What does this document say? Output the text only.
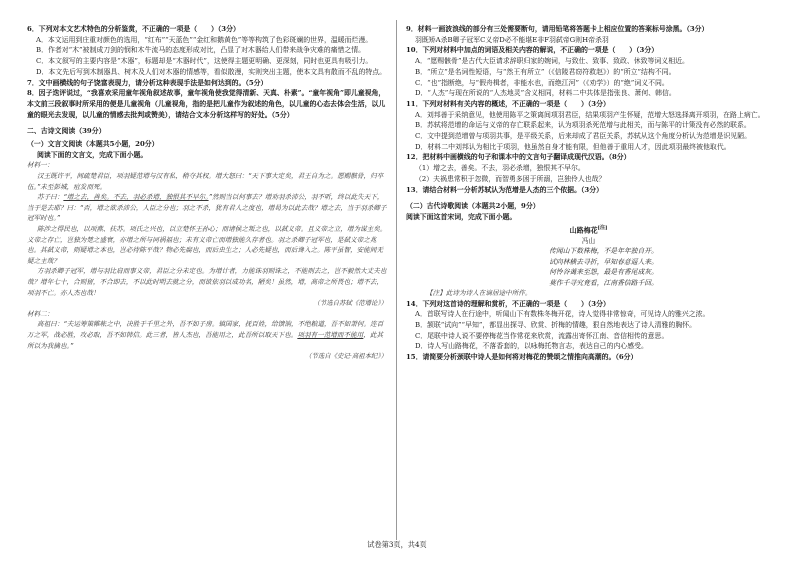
6．下列对本文艺术特色的分析鉴赏，不正确的一项是（　　）（3分）

A．本文运用到庄重对颜色的选用，“红布”“天蓝色”“金红和鹅黄色”等等构筑了色彩斑斓的世界，温暖而烂漫。

B．作者对“木”被制成刀剑的悯和木牛流马的态度形成对比，凸显了对木器给人们带来战争灾难的痛惜之情。

C．本文叙写的主要内容是“木器”，标题却是“木器时代”，这使得主题更明确、更深刻，同时也更具有吸引力。

D．本文先后写到木制器具、树木及人们对木器的情感等，看似散漫，实则突出主题，使本文具有散而不乱的特点。

7．文中画横线的句子饶富表现力，请分析这种表现手法是如何达到的。（5分）

8．因子迭评说过，“我喜欢采用童年视角叙述故事，童年视角使我觉得清新、天真、朴素”。“童年视角”即儿童视角，本文前三段叙事时所采用的便是儿童视角（儿童视角，指的是把儿童作为叙述的角色，以儿童的心态去体会生活，以儿童的眼光去发现，以儿童的情感去批判或赞美），请结合文本分析这样写的好处。（5分）

二、古诗文阅读（39分）

（一）文言文阅读（本题共5小题，20分）

阅读下面的文言文，完成下面小题。

材料一：

汉王既许平，间疏楚君臣，项羽疑范增与汉有私，稍夺其权。增大怒曰：“天下事大定矣，君王自为之。愿赐骸骨，归卒伍。”未至彭城，疽发而死。

苏子曰：“增之去，善矣。不去，羽必杀增，独恨其不早尔。”然则当以何事去？增劝羽杀沛公，羽不听，终以此失天下，当于是去耶？曰：“否，增之欲杀沛公，人臣之分也；羽之不杀，犹有君人之度也，增曷为以此去哉？增之去，当于羽杀卿子冠军时也。”

陈涉之得民也，以项燕、扶苏。项氏之兴也，以立楚怀王孙心；而诸侯之叛之也，以弑义帝。且义帝之立，增为谋主矣。义帝之存亡，岂独为楚之盛衰，亦增之所与同祸福也；未有义帝亡而增独能久存者也。羽之杀卿子冠军也，是弑义帝之兆也。其弑义帝，则疑增之本也，岂必待陈平哉？物必先腐也，而后虫生之；人必先疑也，而后谗入之。陈平虽智，安能间无疑之主哉？

方羽杀卿子冠军，增与羽比肩而事义帝，君臣之分未定也。为增计者，力能诛羽则诛之，不能则去之，岂不毅然大丈夫也哉？增年七十，合则留，不合即去，不以此时明去就之分，而欲依羽以成功名，陋矣！虽然，增，高帝之所畏也；增不去，项羽不亡。亦人杰也哉！

（节选自苏轼《范增论》）

材料二：

高祖曰：“夫运筹策帷帐之中，决胜于千里之外，吾不如子房。镇国家，抚百姓，给馈饷，不绝粮道，吾不如萧何。连百万之军，战必胜，攻必取，吾不如韩信。此三者，皆人杰也，吾能用之，此吾所以取天下也。项羽有一范增而不能用，此其所以为我擒也。”

（节选自《史记·高祖本纪》）

9．材料一画波浪线的部分有三处需要断句，请用铅笔将答题卡上相应位置的答案标号涂黑。（3分）

羽既矫A杀B卿子冠军C义帝D必不能堪E非F羽弑帝G则H帝杀羽

10．下列对材料中加点的词语及相关内容的解说，不正确的一项是（　　）（3分）

A．“愿赐骸骨”是古代大臣请求辞职归家的婉词，与致仕、致事、致政、休致等词义相近。

B．“所立”是名词性短语，与“然王有所立”（《信陵君窃符救赵》）的“所立”结构不同。

C．“也”指断绝，与“假舟楫者，非能水也，而绝江河”（《劝学》）的“绝”词义不同。

D．“人杰”与现在所说的“人杰地灵”含义相同，材料二中共体是指张良、萧何、韩信。

11．下列对材料有关内容的概述，不正确的一项是（　　）（3分）

A．刘邦善于采纳意见，他使用陈平之策离间项羽君臣，结果项羽产生怀疑，范增大怒选择离开项羽，在路上病亡。

B．苏轼将范增的命运与义帝的存亡联系起来，认为项羽杀死范增与此相关，而与陈平的计策没有必然的联系。

C．文中提到范增曾与项羽共事，是平级关系，后来却成了君臣关系，苏轼从这个角度分析认为范增是识见陋。

D．材料二中刘邦认为相比于项羽，他虽然自身才能有限，但他善于重用人才，因此项羽最终被他取代。

12．把材料中画横线的句子和课本中的文言句子翻译成现代汉语。（8分）

（1）增之去，善矣。不去，羽必杀增，独恨其不早尔。

（2）夫祸患常积于忽微，而智勇多困于所溺，岂独伶人也哉？

13．请结合材料一分析苏轼认为范增是人杰的三个依据。（3分）

（二）古代诗歌阅读（本题共2小题，9分）

阅读下面这首宋词，完成下面小题。

山路梅花[注]

冯山

传闻山下数株梅，不是年年独自开。

试向林横去寻折，早知春意逼人来。

何怜谷蔼来至怨，最是有香尾成灰。

莫作千寻究竟看，江南香信路千回。

【注】此诗为诗人在谪居途中所作。

14．下列对这首诗的理解和赏析，不正确的一项是（　　）（3分）

A．首联写诗人在行途中，听闻山下有数株冬梅开花，诗人觉得非常惊奇，可见诗人的雅兴之浓。

B．颔联“试向”“早知”，都显出探寻、欣赏、折梅的情趣，狠自然地表达了诗人清雅的胸怀。

C．尾联中诗人说不要停梅花当作常花来欣赏，流露出寄怀江南、音信相传的意思。

D．诗人写山路梅花，不落香套的，以咏梅托物言志，表达自己的内心感受。

15．请简要分析颈联中诗人是如何将对梅花的赞颂之情推向高潮的。（6分）

试卷第3页，共4页
